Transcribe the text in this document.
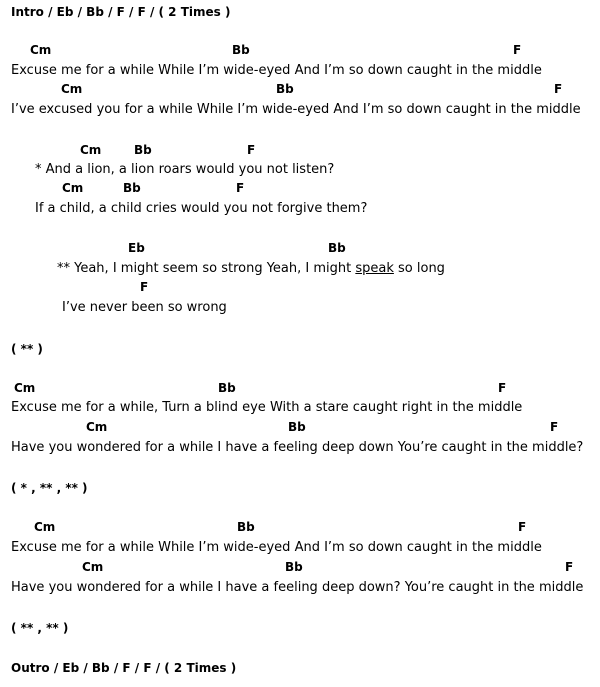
Intro / Eb / Bb / F / F / ( 2 Times )
Cm	Bb	F
Excuse me for a while While I’m wide-eyed And I’m so down caught in the middle
Cm	Bb	F
I’ve excused you for a while While I’m wide-eyed And I’m so down caught in the middle
Cm	Bb	F
* And a lion, a lion roars would you not listen?
Cm	Bb	F
If a child, a child cries would you not forgive them?
Eb	Bb
** Yeah, I might seem so strong Yeah, I might speak so long
F
I’ve never been so wrong
( ** )
Cm	Bb	F
Excuse me for a while, Turn a blind eye With a stare caught right in the middle
Cm	Bb	F
Have you wondered for a while I have a feeling deep down You’re caught in the middle?
( * , ** , ** )
Cm	Bb	F
Excuse me for a while While I’m wide-eyed And I’m so down caught in the middle
Cm	Bb	F
Have you wondered for a while I have a feeling deep down? You’re caught in the middle
( ** , ** )
Outro / Eb / Bb / F / F / ( 2 Times )
